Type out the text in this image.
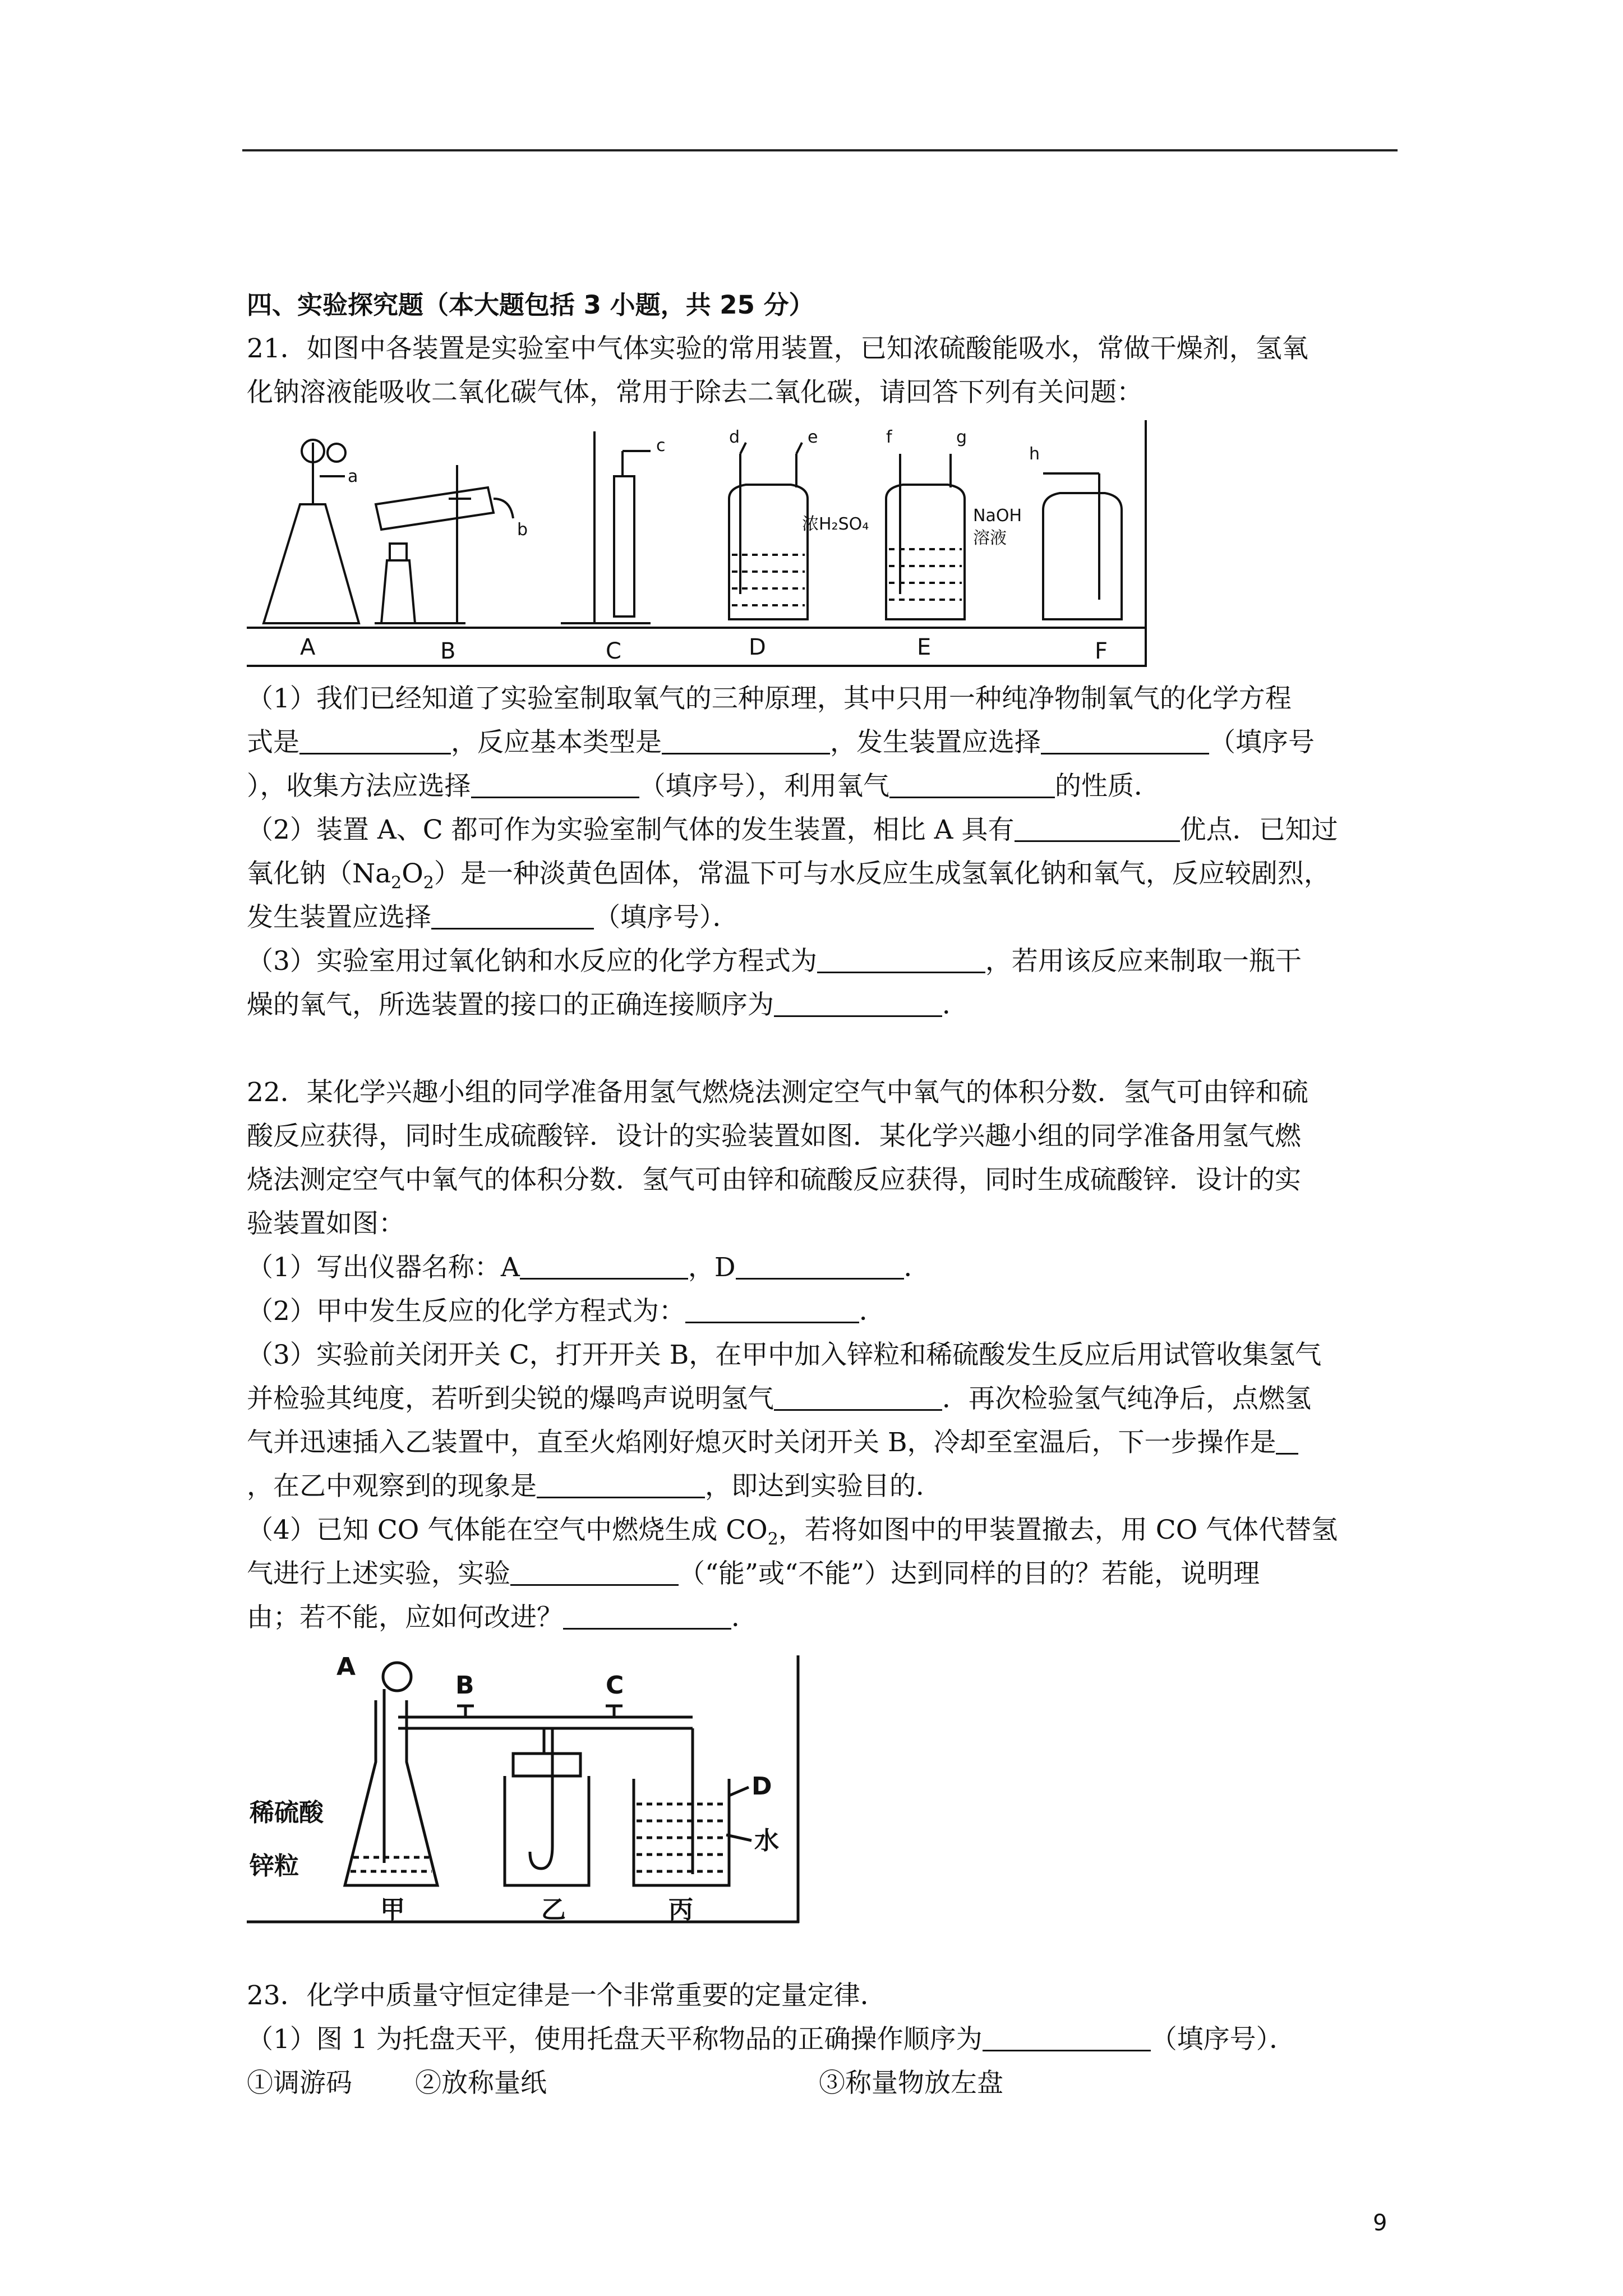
四、实验探究题（本大题包括 3 小题，共 25 分）
21．如图中各装置是实验室中气体实验的常用装置，已知浓硫酸能吸水，常做干燥剂，氢氧
化钠溶液能吸收二氧化碳气体，常用于除去二氧化碳，请回答下列有关问题：
A	B	C	D	E	F
a
b
c	d	e	f	g
h
浓H₂SO₄	NaOH
溶液
（1）我们已经知道了实验室制取氧气的三种原理，其中只用一种纯净物制氧气的化学方程
式是	，反应基本类型是	，发生装置应选择	（填序号
），收集方法应选择	（填序号），利用氧气	的性质．
（2）装置 A、C 都可作为实验室制气体的发生装置，相比 A 具有	优点．已知过
氧化钠$(Na_2O_2)$是一种淡黄色固体，常温下可与水反应生成氢氧化钠和氧气，反应较剧烈，
发生装置应选择	（填序号）．
（3）实验室用过氧化钠和水反应的化学方程式为	，若用该反应来制取一瓶干
燥的氧气，所选装置的接口的正确连接顺序为	．
22．某化学兴趣小组的同学准备用氢气燃烧法测定空气中氧气的体积分数．氢气可由锌和硫
酸反应获得，同时生成硫酸锌．设计的实验装置如图．某化学兴趣小组的同学准备用氢气燃
烧法测定空气中氧气的体积分数．氢气可由锌和硫酸反应获得，同时生成硫酸锌．设计的实
验装置如图：
（1）写出仪器名称：A	，D	．
（2）甲中发生反应的化学方程式为：	．
（3）实验前关闭开关 C，打开开关 B，在甲中加入锌粒和稀硫酸发生反应后用试管收集氢气
并检验其纯度，若听到尖锐的爆鸣声说明氢气	．再次检验氢气纯净后，点燃氢
气并迅速插入乙装置中，直至火焰刚好熄灭时关闭开关 B，冷却至室温后，下一步操作是
，在乙中观察到的现象是	，即达到实验目的．
（4）已知 CO 气体能在空气中燃烧生成 $CO_2$，若将如图中的甲装置撤去，用 CO 气体代替氢
气进行上述实验，实验	（“能”或“不能”）达到同样的目的？若能，说明理
由；若不能，应如何改进？	．
A
B	C
D
稀硫酸
锌粒
水
甲	乙	丙
23．化学中质量守恒定律是一个非常重要的定量定律．
（1）图 1 为托盘天平，使用托盘天平称物品的正确操作顺序为	（填序号）．
①调游码 ②放称量纸	③称量物放左盘
9
